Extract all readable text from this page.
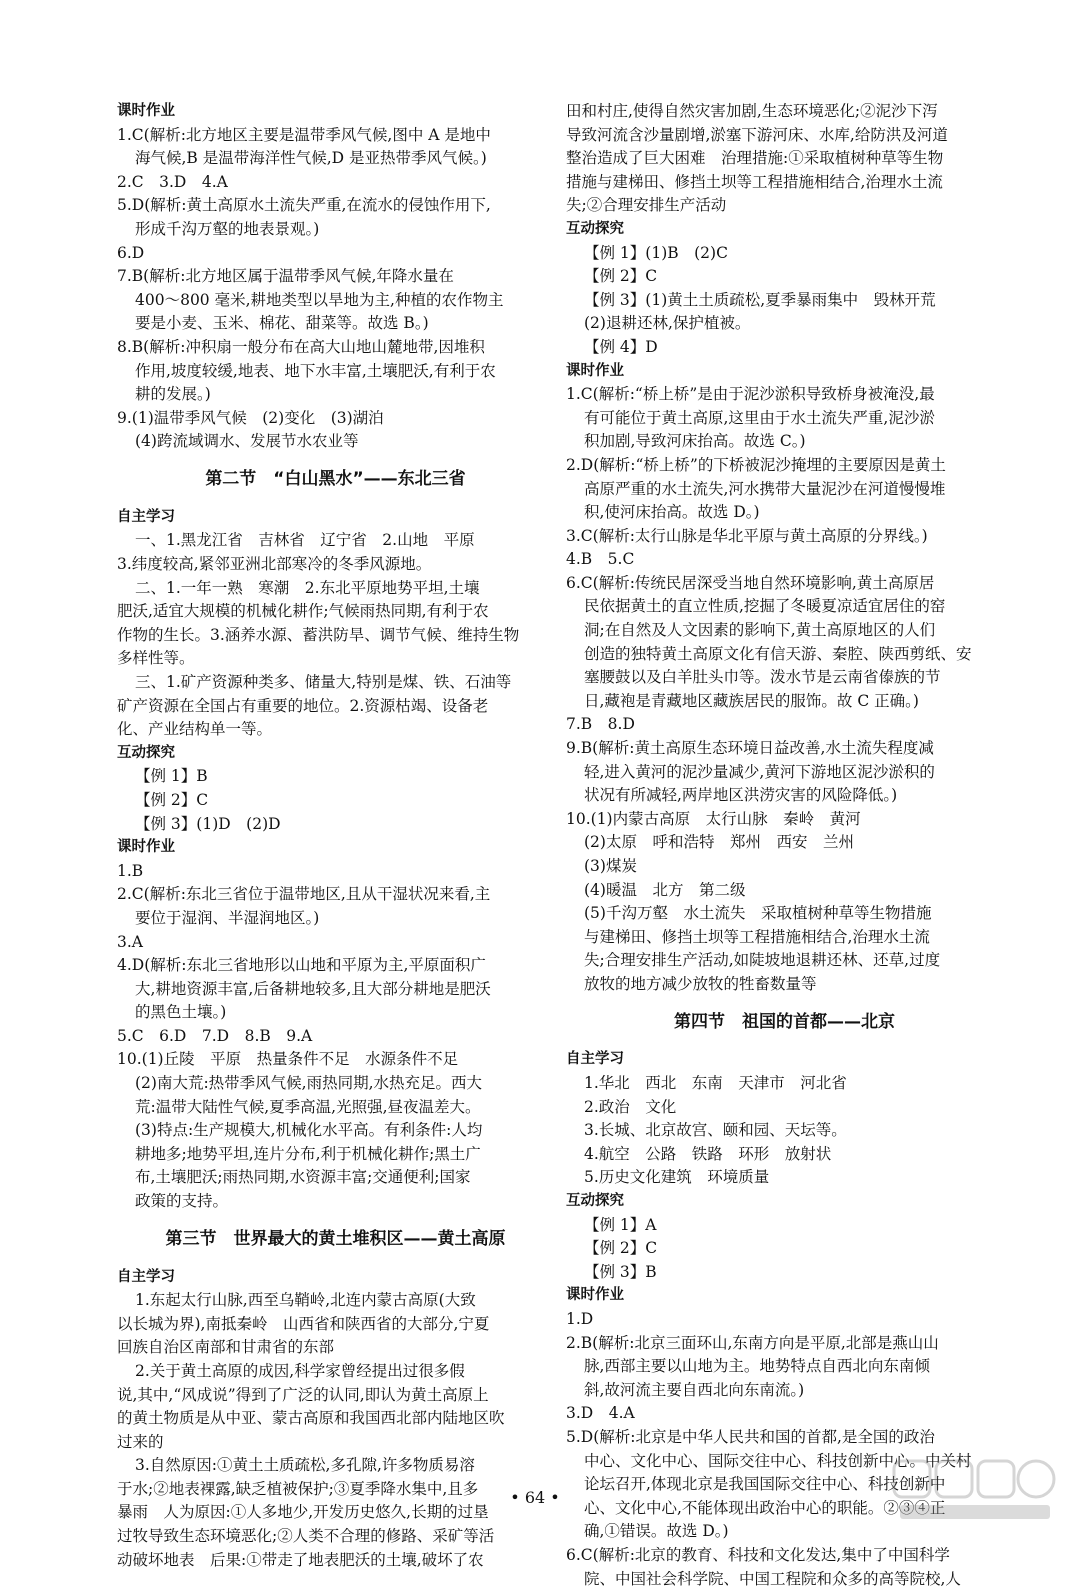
课时作业
1.C(解析:北方地区主要是温带季风气候,图中 A 是地中
海气候,B 是温带海洋性气候,D 是亚热带季风气候。)
2.C　3.D　4.A
5.D(解析:黄土高原水土流失严重,在流水的侵蚀作用下,
形成千沟万壑的地表景观。)
6.D
7.B(解析:北方地区属于温带季风气候,年降水量在
400～800 毫米,耕地类型以旱地为主,种植的农作物主
要是小麦、玉米、棉花、甜菜等。故选 B。)
8.B(解析:冲积扇一般分布在高大山地山麓地带,因堆积
作用,坡度较缓,地表、地下水丰富,土壤肥沃,有利于农
耕的发展。)
9.(1)温带季风气候　(2)变化　(3)湖泊
(4)跨流域调水、发展节水农业等
第二节　“白山黑水”——东北三省
自主学习
一、1.黑龙江省　吉林省　辽宁省　2.山地　平原
3.纬度较高,紧邻亚洲北部寒冷的冬季风源地。
二、1.一年一熟　寒潮　2.东北平原地势平坦,土壤
肥沃,适宜大规模的机械化耕作;气候雨热同期,有利于农
作物的生长。3.涵养水源、蓄洪防旱、调节气候、维持生物
多样性等。
三、1.矿产资源种类多、储量大,特别是煤、铁、石油等
矿产资源在全国占有重要的地位。2.资源枯竭、设备老
化、产业结构单一等。
互动探究
【例 1】B
【例 2】C
【例 3】(1)D　(2)D
课时作业
1.B
2.C(解析:东北三省位于温带地区,且从干湿状况来看,主
要位于湿润、半湿润地区。)
3.A
4.D(解析:东北三省地形以山地和平原为主,平原面积广
大,耕地资源丰富,后备耕地较多,且大部分耕地是肥沃
的黑色土壤。)
5.C　6.D　7.D　8.B　9.A
10.(1)丘陵　平原　热量条件不足　水源条件不足
(2)南大荒:热带季风气候,雨热同期,水热充足。西大
荒:温带大陆性气候,夏季高温,光照强,昼夜温差大。
(3)特点:生产规模大,机械化水平高。有利条件:人均
耕地多;地势平坦,连片分布,利于机械化耕作;黑土广
布,土壤肥沃;雨热同期,水资源丰富;交通便利;国家
政策的支持。
第三节　世界最大的黄土堆积区——黄土高原
自主学习
1.东起太行山脉,西至乌鞘岭,北连内蒙古高原(大致
以长城为界),南抵秦岭　山西省和陕西省的大部分,宁夏
回族自治区南部和甘肃省的东部
2.关于黄土高原的成因,科学家曾经提出过很多假
说,其中,“风成说”得到了广泛的认同,即认为黄土高原上
的黄土物质是从中亚、蒙古高原和我国西北部内陆地区吹
过来的
3.自然原因:①黄土土质疏松,多孔隙,许多物质易溶
于水;②地表裸露,缺乏植被保护;③夏季降水集中,且多
暴雨　人为原因:①人多地少,开发历史悠久,长期的过垦
过牧导致生态环境恶化;②人类不合理的修路、采矿等活
动破坏地表　后果:①带走了地表肥沃的土壤,破坏了农
田和村庄,使得自然灾害加剧,生态环境恶化;②泥沙下泻
导致河流含沙量剧增,淤塞下游河床、水库,给防洪及河道
整治造成了巨大困难　治理措施:①采取植树种草等生物
措施与建梯田、修挡土坝等工程措施相结合,治理水土流
失;②合理安排生产活动
互动探究
【例 1】(1)B　(2)C
【例 2】C
【例 3】(1)黄土土质疏松,夏季暴雨集中　毁林开荒
(2)退耕还林,保护植被。
【例 4】D
课时作业
1.C(解析:“桥上桥”是由于泥沙淤积导致桥身被淹没,最
有可能位于黄土高原,这里由于水土流失严重,泥沙淤
积加剧,导致河床抬高。故选 C。)
2.D(解析:“桥上桥”的下桥被泥沙掩埋的主要原因是黄土
高原严重的水土流失,河水携带大量泥沙在河道慢慢堆
积,使河床抬高。故选 D。)
3.C(解析:太行山脉是华北平原与黄土高原的分界线。)
4.B　5.C
6.C(解析:传统民居深受当地自然环境影响,黄土高原居
民依据黄土的直立性质,挖掘了冬暖夏凉适宜居住的窑
洞;在自然及人文因素的影响下,黄土高原地区的人们
创造的独特黄土高原文化有信天游、秦腔、陕西剪纸、安
塞腰鼓以及白羊肚头巾等。泼水节是云南省傣族的节
日,藏袍是青藏地区藏族居民的服饰。故 C 正确。)
7.B　8.D
9.B(解析:黄土高原生态环境日益改善,水土流失程度减
轻,进入黄河的泥沙量减少,黄河下游地区泥沙淤积的
状况有所减轻,两岸地区洪涝灾害的风险降低。)
10.(1)内蒙古高原　太行山脉　秦岭　黄河
(2)太原　呼和浩特　郑州　西安　兰州
(3)煤炭
(4)暖温　北方　第二级
(5)千沟万壑　水土流失　采取植树种草等生物措施
与建梯田、修挡土坝等工程措施相结合,治理水土流
失;合理安排生产活动,如陡坡地退耕还林、还草,过度
放牧的地方减少放牧的牲畜数量等
第四节　祖国的首都——北京
自主学习
1.华北　西北　东南　天津市　河北省
2.政治　文化
3.长城、北京故宫、颐和园、天坛等。
4.航空　公路　铁路　环形　放射状
5.历史文化建筑　环境质量
互动探究
【例 1】A
【例 2】C
【例 3】B
课时作业
1.D
2.B(解析:北京三面环山,东南方向是平原,北部是燕山山
脉,西部主要以山地为主。地势特点自西北向东南倾
斜,故河流主要自西北向东南流。)
3.D　4.A
5.D(解析:北京是中华人民共和国的首都,是全国的政治
中心、文化中心、国际交往中心、科技创新中心。中关村
论坛召开,体现北京是我国国际交往中心、科技创新中
心、文化中心,不能体现出政治中心的职能。②③④正
确,①错误。故选 D。)
6.C(解析:北京的教育、科技和文化发达,集中了中国科学
院、中国社会科学院、中国工程院和众多的高等院校,人
• 64 •
